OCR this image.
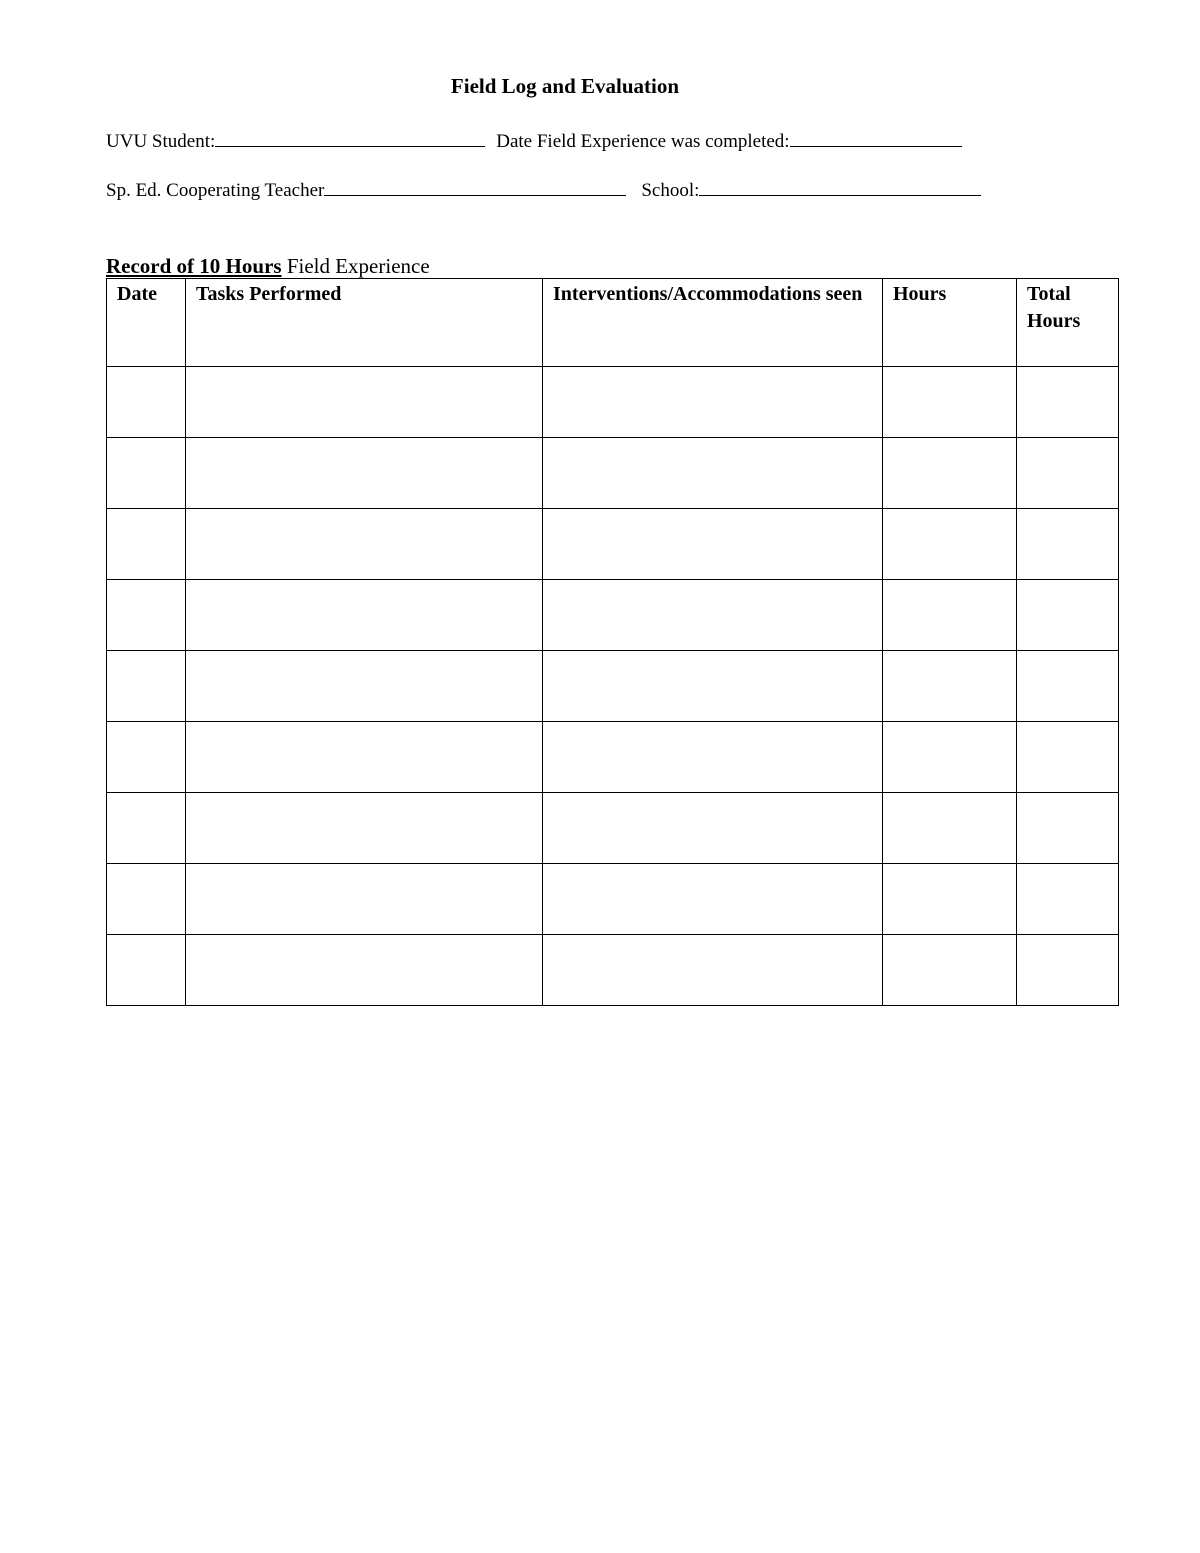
Field Log and Evaluation
UVU Student:	Date Field Experience was completed:
Sp. Ed. Cooperating Teacher	School:
Record of 10 Hours Field Experience
Date	Tasks Performed	Interventions/Accommodations seen	Hours	Total Hours
